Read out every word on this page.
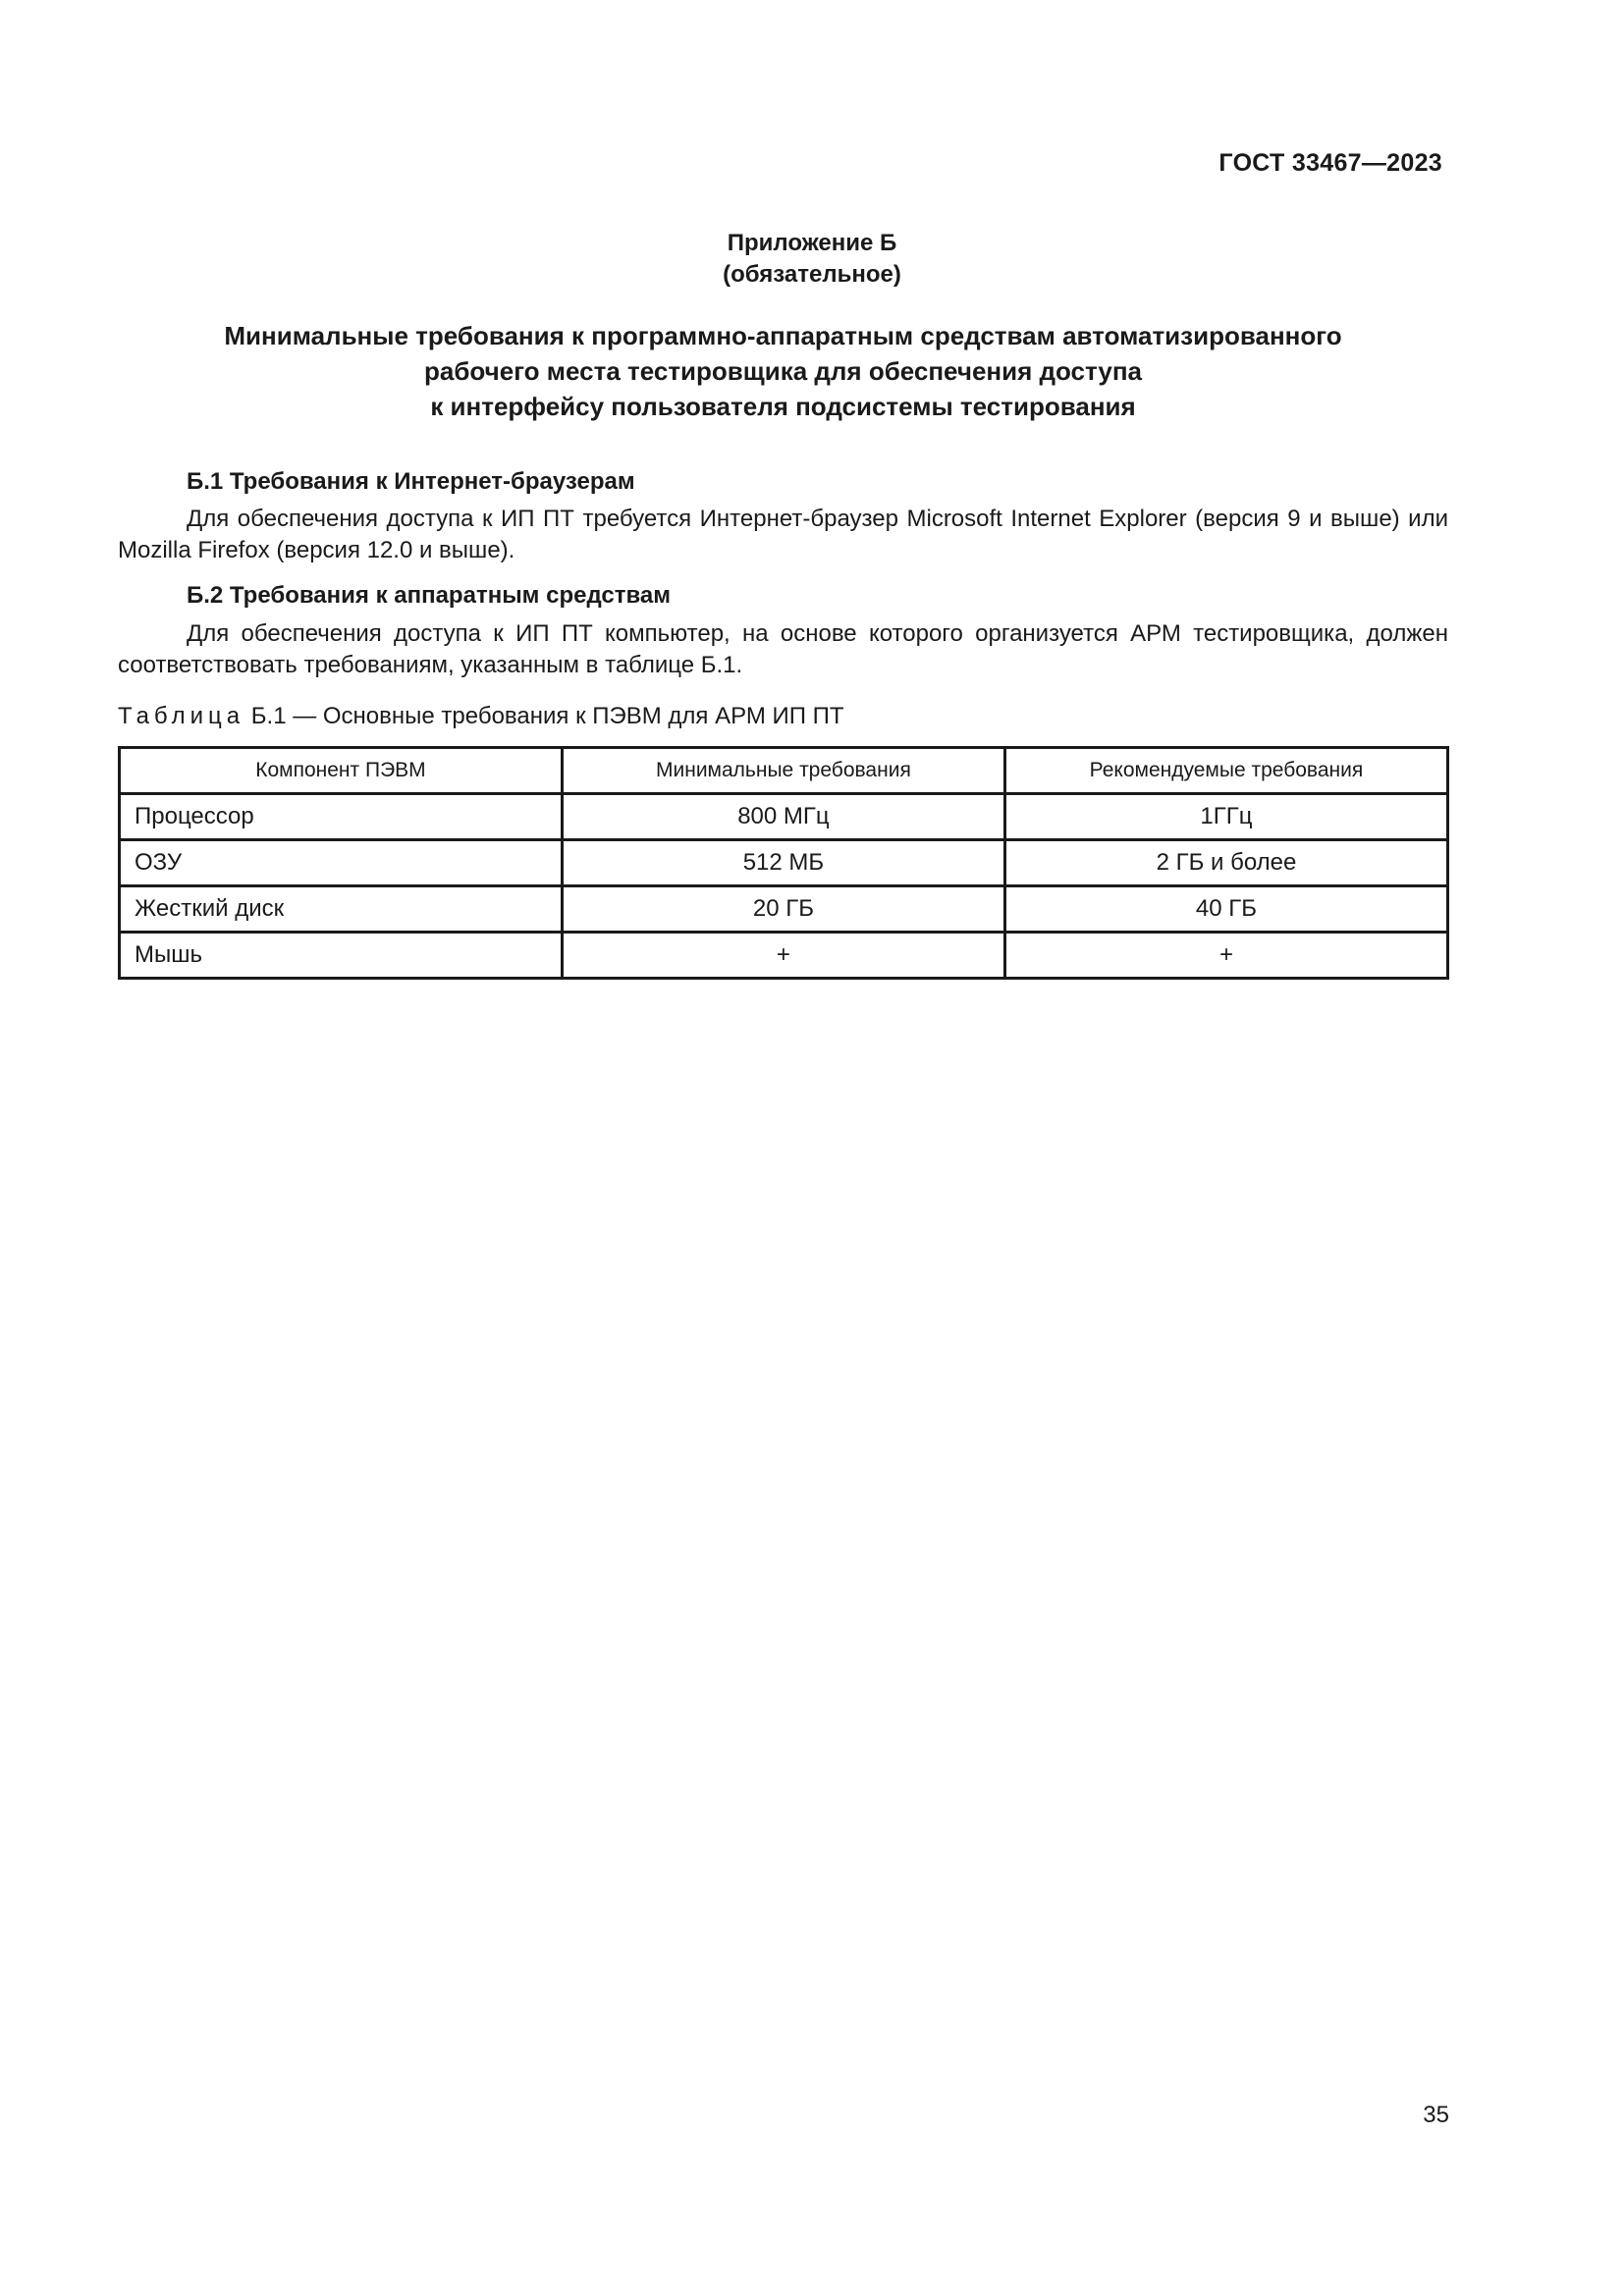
ГОСТ 33467—2023
Приложение Б
(обязательное)
Минимальные требования к программно-аппаратным средствам автоматизированного
рабочего места тестировщика для обеспечения доступа
к интерфейсу пользователя подсистемы тестирования
Б.1 Требования к Интернет-браузерам
Для обеспечения доступа к ИП ПТ требуется Интернет-браузер Microsoft Internet Explorer (версия 9 и выше) или Mozilla Firefox (версия 12.0 и выше).
Б.2 Требования к аппаратным средствам
Для обеспечения доступа к ИП ПТ компьютер, на основе которого организуется АРМ тестировщика, должен соответствовать требованиям, указанным в таблице Б.1.
Таблица Б.1 — Основные требования к ПЭВМ для АРМ ИП ПТ
Компонент ПЭВМ	Минимальные требования	Рекомендуемые требования
Процессор	800 МГц	1ГГц
ОЗУ	512 МБ	2 ГБ и более
Жесткий диск	20 ГБ	40 ГБ
Мышь	+	+
35
